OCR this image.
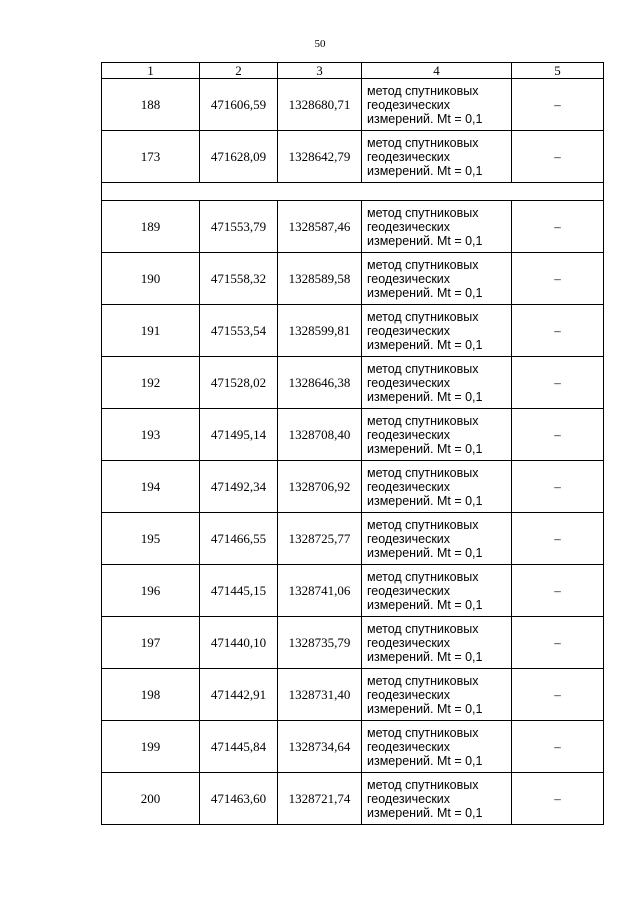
50
1	2	3	4	5
188	471606,59	1328680,71	метод спутниковых
геодезических
измерений. Mt = 0,1	–
173	471628,09	1328642,79	метод спутниковых
геодезических
измерений. Mt = 0,1	–

189	471553,79	1328587,46	метод спутниковых
геодезических
измерений. Mt = 0,1	–
190	471558,32	1328589,58	метод спутниковых
геодезических
измерений. Mt = 0,1	–
191	471553,54	1328599,81	метод спутниковых
геодезических
измерений. Mt = 0,1	–
192	471528,02	1328646,38	метод спутниковых
геодезических
измерений. Mt = 0,1	–
193	471495,14	1328708,40	метод спутниковых
геодезических
измерений. Mt = 0,1	–
194	471492,34	1328706,92	метод спутниковых
геодезических
измерений. Mt = 0,1	–
195	471466,55	1328725,77	метод спутниковых
геодезических
измерений. Mt = 0,1	–
196	471445,15	1328741,06	метод спутниковых
геодезических
измерений. Mt = 0,1	–
197	471440,10	1328735,79	метод спутниковых
геодезических
измерений. Mt = 0,1	–
198	471442,91	1328731,40	метод спутниковых
геодезических
измерений. Mt = 0,1	–
199	471445,84	1328734,64	метод спутниковых
геодезических
измерений. Mt = 0,1	–
200	471463,60	1328721,74	метод спутниковых
геодезических
измерений. Mt = 0,1	–
